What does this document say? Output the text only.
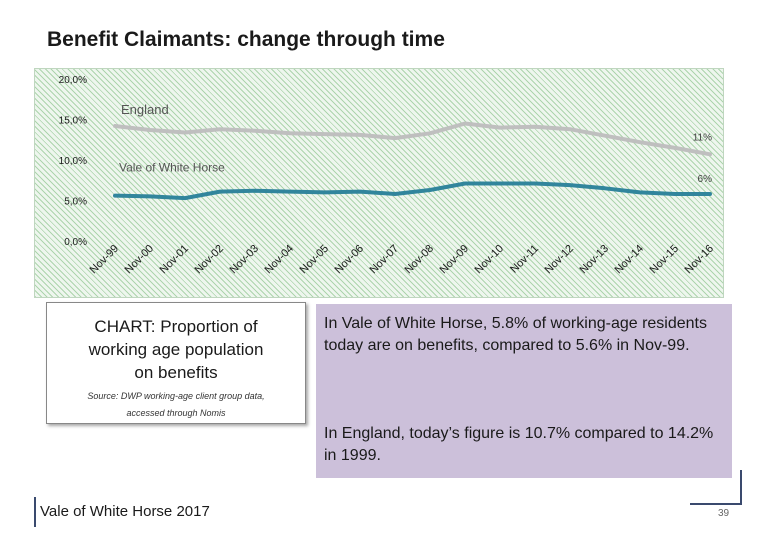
Benefit Claimants: change through time
0,0%
5,0%
10,0%
15,0%
20,0%
Nov-99 Nov-00 Nov-01 Nov-02 Nov-03 Nov-04 Nov-05 Nov-06 Nov-07 Nov-08 Nov-09 Nov-10 Nov-11 Nov-12 Nov-13 Nov-14 Nov-15 Nov-16
England
11%
Vale of White Horse
6%
CHART: Proportion of
working age population
on benefits
Source: DWP working-age client group data,
accessed through Nomis

In Vale of White Horse, 5.8% of working-age residents today are on benefits, compared to 5.6% in Nov-99.

In England, today’s figure is 10.7% compared to 14.2% in 1999.

Vale of White Horse 2017	39
